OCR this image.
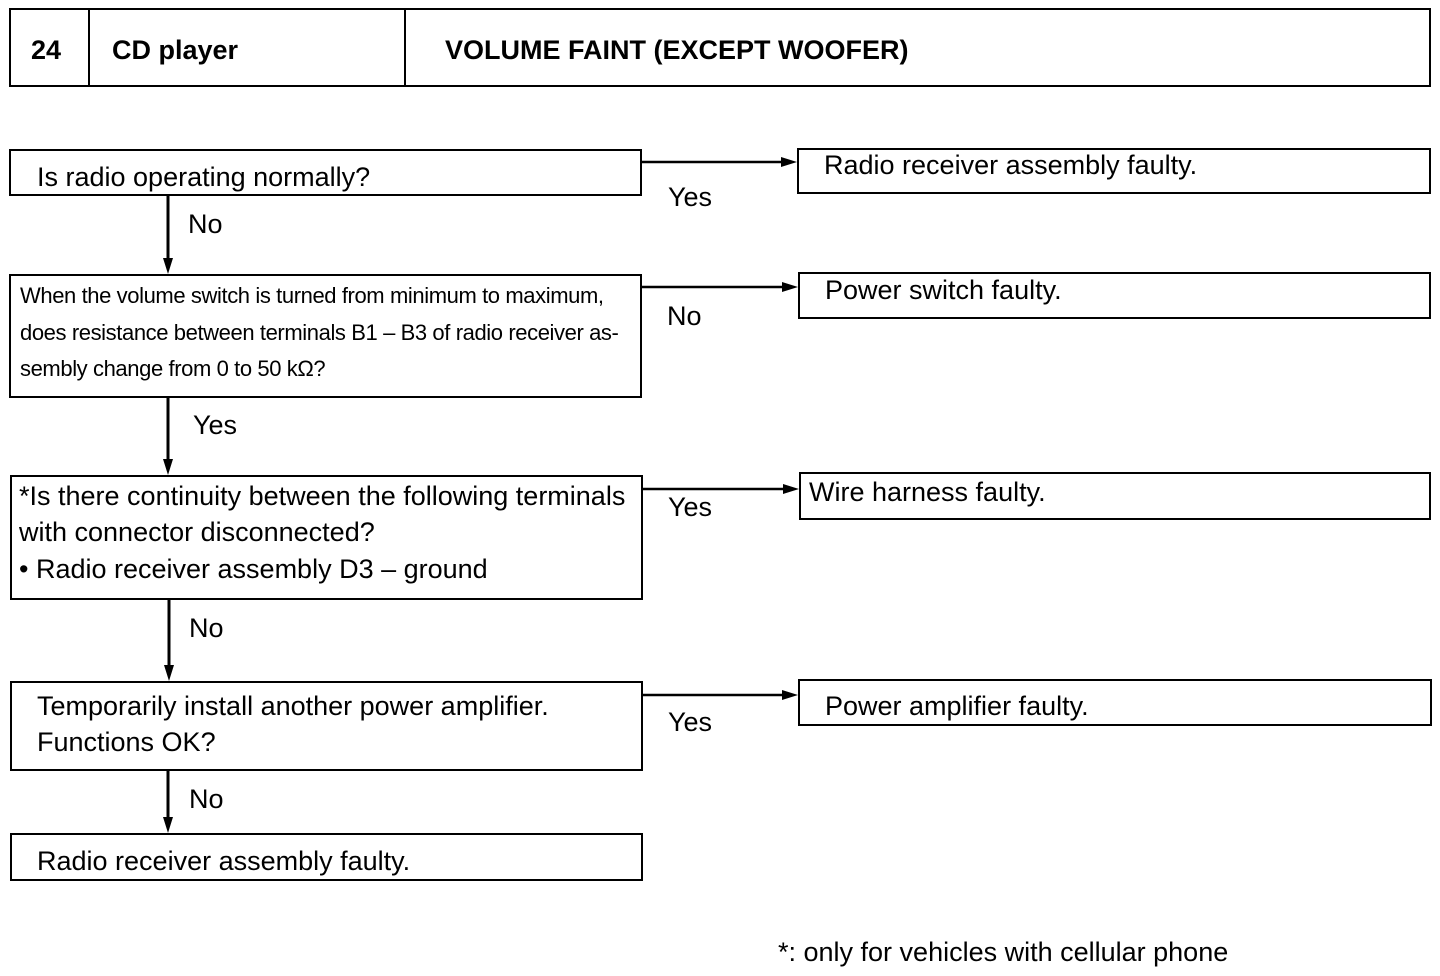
24 CD player	VOLUME FAINT (EXCEPT WOOFER)
Is radio operating normally?
When the volume switch is turned from minimum to maximum,
does resistance between terminals B1 – B3 of radio receiver as-
sembly change from 0 to 50 kΩ?
*Is there continuity between the following terminals
with connector disconnected?
• Radio receiver assembly D3 – ground
Temporarily install another power amplifier.
Functions OK?
Radio receiver assembly faulty.
Radio receiver assembly faulty.
Power switch faulty.
Wire harness faulty.
Power amplifier faulty.
Yes
No
Yes
Yes
No
Yes
No
No
*: only for vehicles with cellular phone
